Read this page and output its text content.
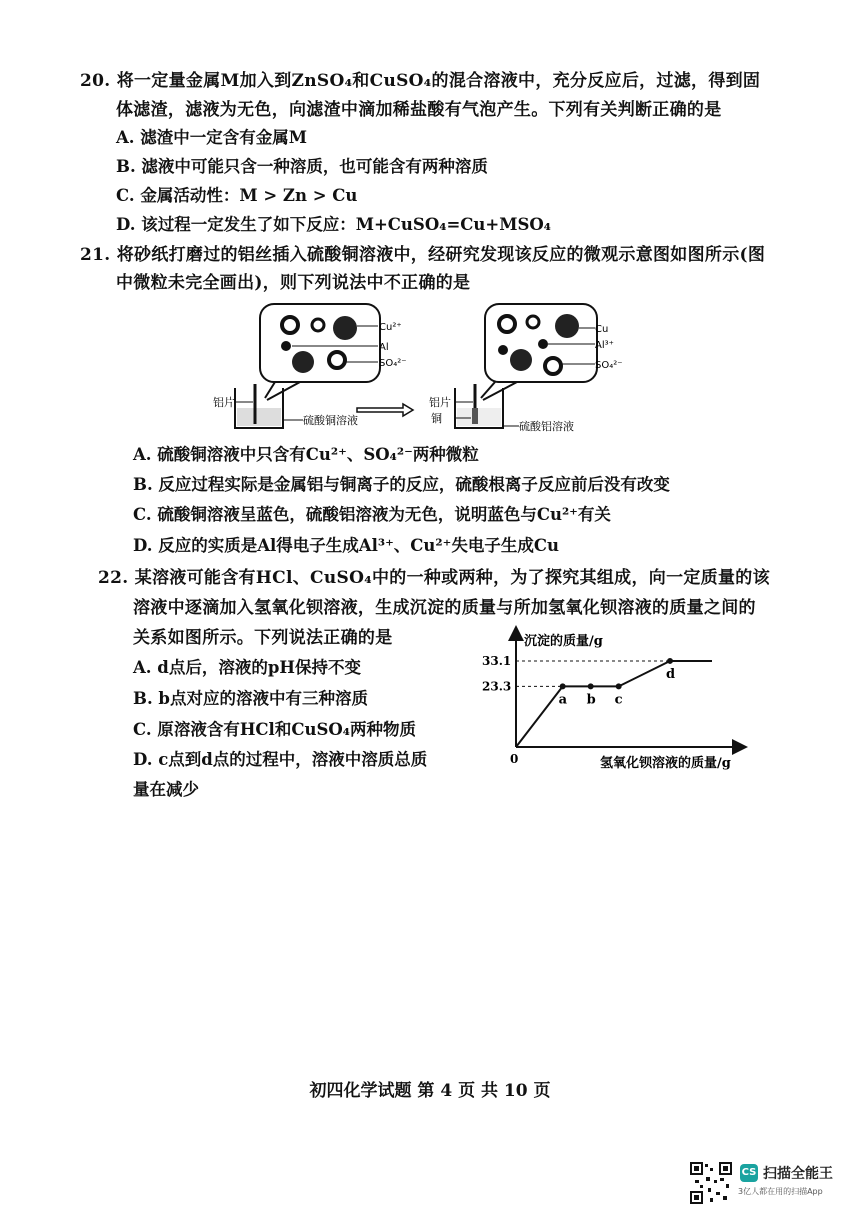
20. 将一定量金属M加入到ZnSO₄和CuSO₄的混合溶液中，充分反应后，过滤，得到固
体滤渣，滤液为无色，向滤渣中滴加稀盐酸有气泡产生。下列有关判断正确的是
A. 滤渣中一定含有金属M
B. 滤液中可能只含一种溶质，也可能含有两种溶质
C. 金属活动性：M > Zn > Cu
D. 该过程一定发生了如下反应：M+CuSO₄=Cu+MSO₄
21. 将砂纸打磨过的铝丝插入硫酸铜溶液中，经研究发现该反应的微观示意图如图所示(图
中微粒未完全画出)，则下列说法中不正确的是
Cu²⁺
Al
SO₄²⁻
铝片
硫酸铜溶液
Cu
Al³⁺
SO₄²⁻
铝片
铜
硫酸铝溶液
A. 硫酸铜溶液中只含有Cu²⁺、SO₄²⁻两种微粒
B. 反应过程实际是金属铝与铜离子的反应，硫酸根离子反应前后没有改变
C. 硫酸铜溶液呈蓝色，硫酸铝溶液为无色，说明蓝色与Cu²⁺有关
D. 反应的实质是Al得电子生成Al³⁺、Cu²⁺失电子生成Cu
22. 某溶液可能含有HCl、CuSO₄中的一种或两种，为了探究其组成，向一定质量的该
溶液中逐滴加入氢氧化钡溶液，生成沉淀的质量与所加氢氧化钡溶液的质量之间的
关系如图所示。下列说法正确的是
A. d点后，溶液的pH保持不变
B. b点对应的溶液中有三种溶质
C. 原溶液含有HCl和CuSO₄两种物质
D. c点到d点的过程中，溶液中溶质总质
量在减少
沉淀的质量/g
氢氧化钡溶液的质量/g
0
23.3
33.1
a b c
d
初四化学试题 第 4 页 共 10 页
CS 扫描全能王
3亿人都在用的扫描App
